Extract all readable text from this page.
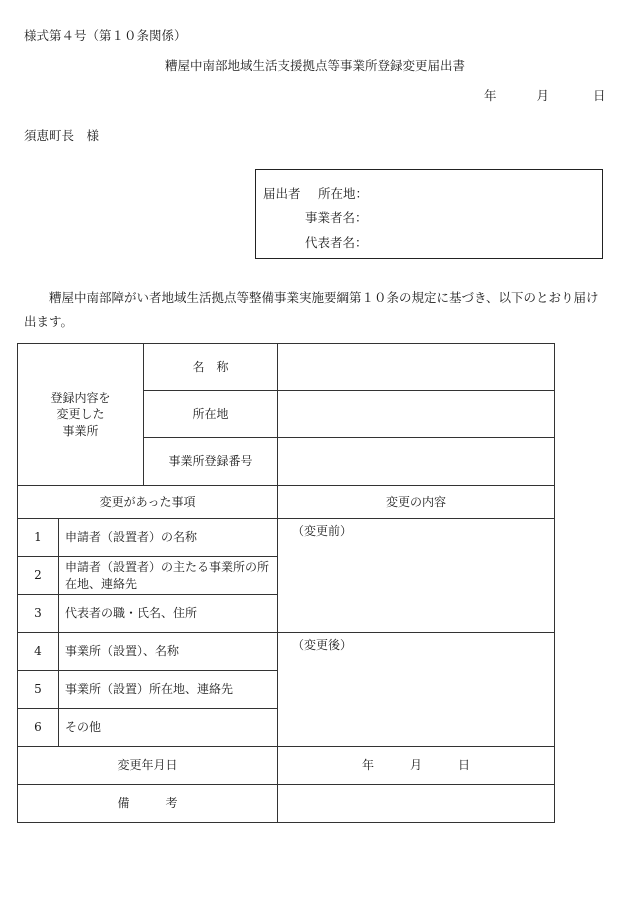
様式第４号（第１０条関係）
糟屋中南部地域生活支援拠点等事業所登録変更届出書
年	月	日
須恵町長　様
届出者 所在地：
事業者名：
代表者名：
糟屋中南部障がい者地域生活拠点等整備事業実施要綱第１０条の規定に基づき、以下のとおり届け出ます。
登録内容を
変更した
事業所		名　称	
		所在地	
		事業所登録番号	
変更があった事項			変更の内容
1	申請者（設置者）の名称		（変更前）
2	申請者（設置者）の主たる事業所の所在地、連絡先		
3	代表者の職・氏名、住所		
4	事業所（設置）、名称		（変更後）
5	事業所（設置）所在地、連絡先		
6	その他		
変更年月日			年　　　月　　　日
備　　　考			
